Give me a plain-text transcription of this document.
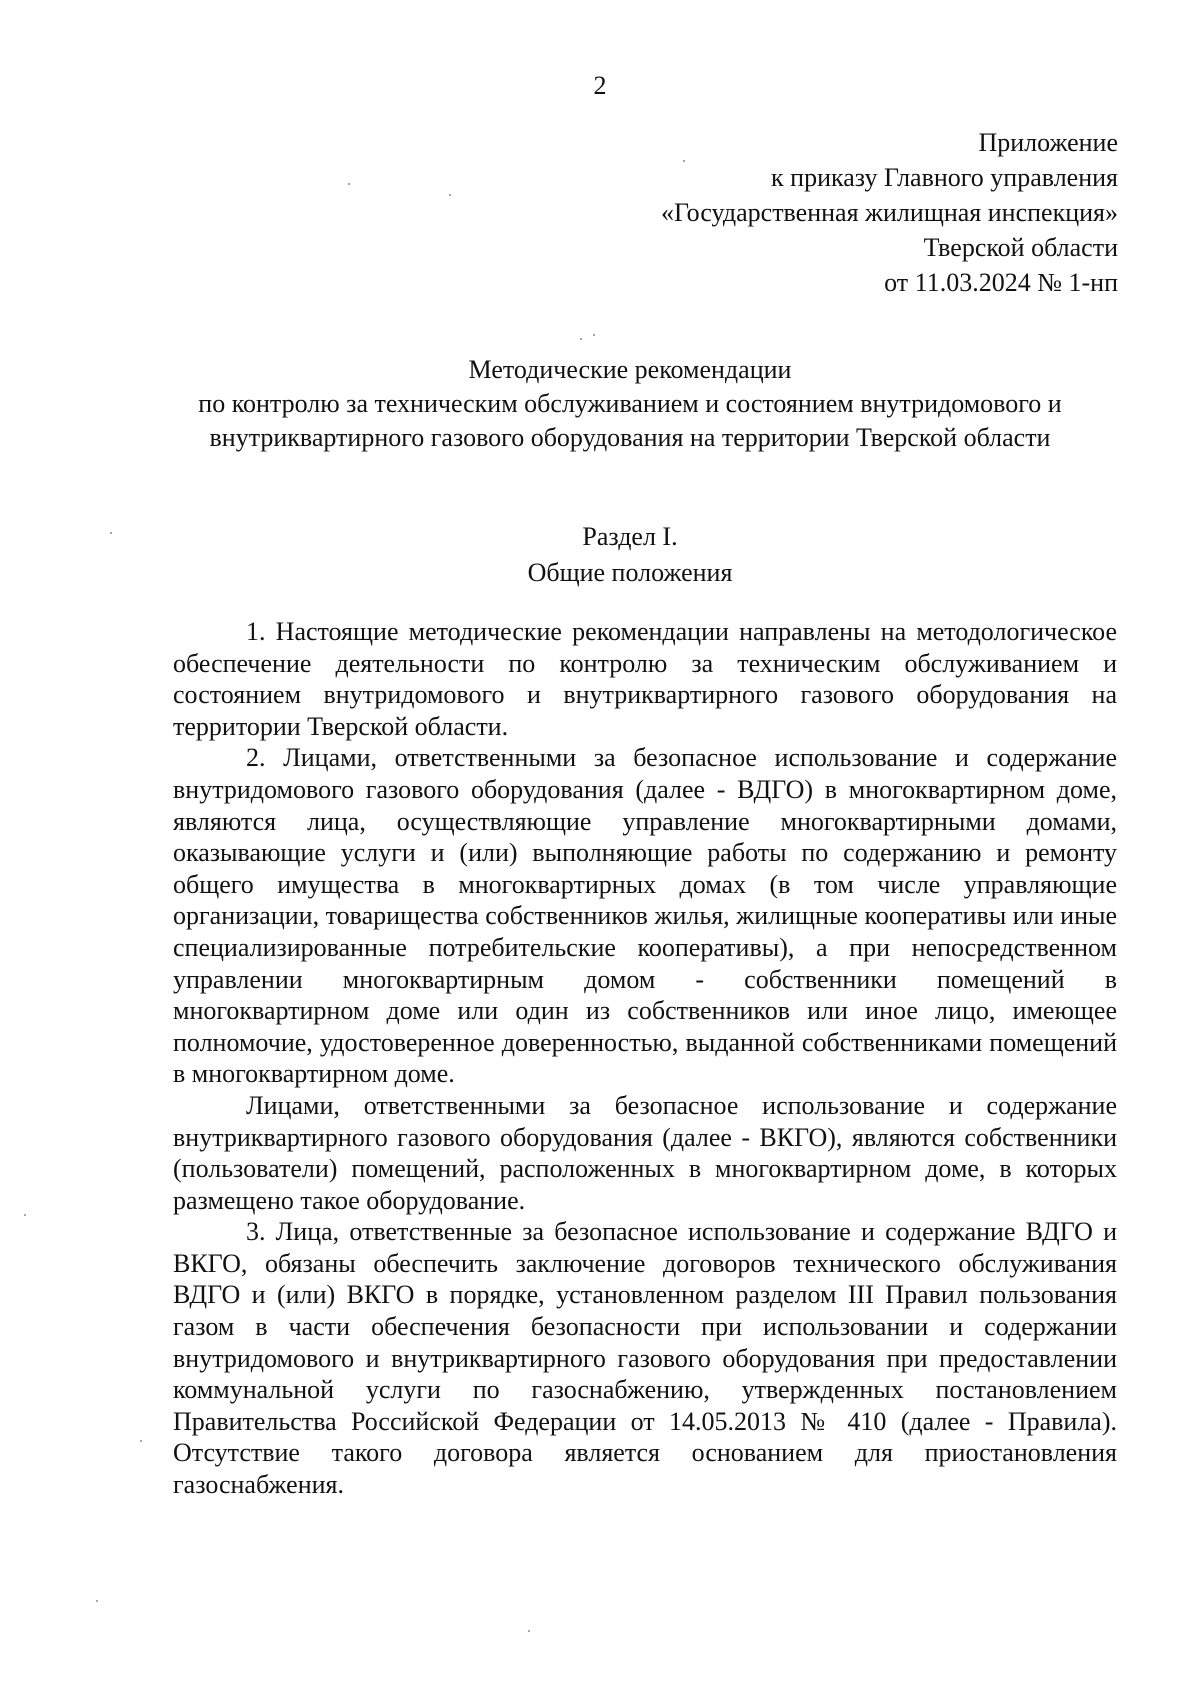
2
Приложение
к приказу Главного управления
«Государственная жилищная инспекция»
Тверской области
от 11.03.2024 № 1-нп
Методические рекомендации
по контролю за техническим обслуживанием и состоянием внутридомового и
внутриквартирного газового оборудования на территории Тверской области
Раздел I.
Общие положения

1. Настоящие методические рекомендации направлены на методологическое обеспечение деятельности по контролю за техническим обслуживанием и состоянием внутридомового и внутриквартирного газового оборудования на территории Тверской области.

2. Лицами, ответственными за безопасное использование и содержание внутридомового газового оборудования (далее - ВДГО) в многоквартирном доме, являются лица, осуществляющие управление многоквартирными домами, оказывающие услуги и (или) выполняющие работы по содержанию и ремонту общего имущества в многоквартирных домах (в том числе управляющие организации, товарищества собственников жилья, жилищные кооперативы или иные специализированные потребительские кооперативы), а при непосредственном управлении многоквартирным домом - собственники помещений в многоквартирном доме или один из собственников или иное лицо, имеющее полномочие, удостоверенное доверенностью, выданной собственниками помещений в многоквартирном доме.

Лицами, ответственными за безопасное использование и содержание внутриквартирного газового оборудования (далее - ВКГО), являются собственники (пользователи) помещений, расположенных в многоквартирном доме, в которых размещено такое оборудование.

3. Лица, ответственные за безопасное использование и содержание ВДГО и ВКГО, обязаны обеспечить заключение договоров технического обслуживания ВДГО и (или) ВКГО в порядке, установленном разделом III Правил пользования газом в части обеспечения безопасности при использовании и содержании внутридомового и внутриквартирного газового оборудования при предоставлении коммунальной услуги по газоснабжению, утвержденных постановлением Правительства Российской Федерации от 14.05.2013 № 410 (далее - Правила). Отсутствие такого договора является основанием для приостановления газоснабжения.
